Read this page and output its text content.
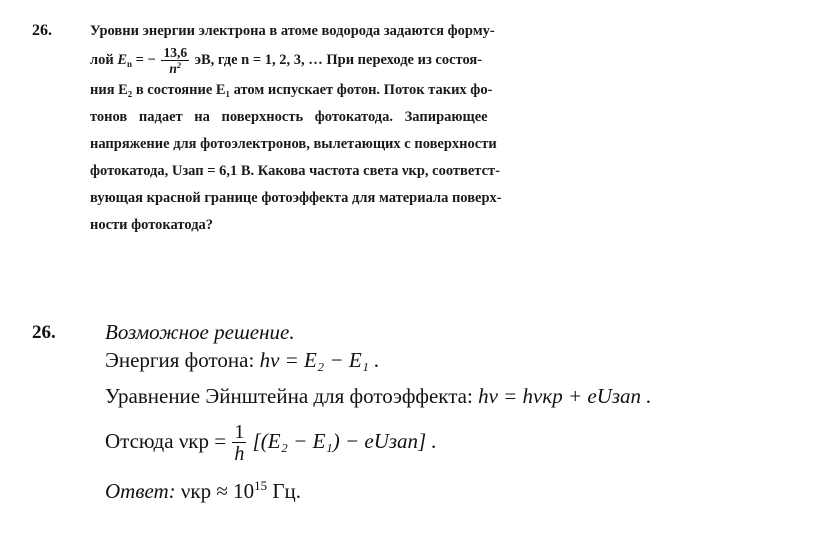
26.	Уровни энергии электрона в атоме водорода задаются форму-
лой $E_n$ = − $\frac{13,6}{n^2}$ эВ, где n = 1, 2, 3, … При переходе из состоя-
ния E₂ в состояние E₁ атом испускает фотон. Поток таких фо-
тонов падает на поверхность фотокатода. Запирающее
напряжение для фотоэлектронов, вылетающих с поверхности
фотокатода, Uзап = 6,1 В. Какова частота света νкр, соответст-
вующая красной границе фотоэффекта для материала поверх-
ности фотокатода?
26. Возможное решение.
Энергия фотона: hν = E₂ − E₁ .
Уравнение Эйнштейна для фотоэффекта: hν = hνкр + eUзап .
Отсюда $\nu кр = \frac{1}{h} [(E_2 - E_1)$ − eUзап] .
Ответ: $\nu кр \approx 10^{15}$ Гц.
